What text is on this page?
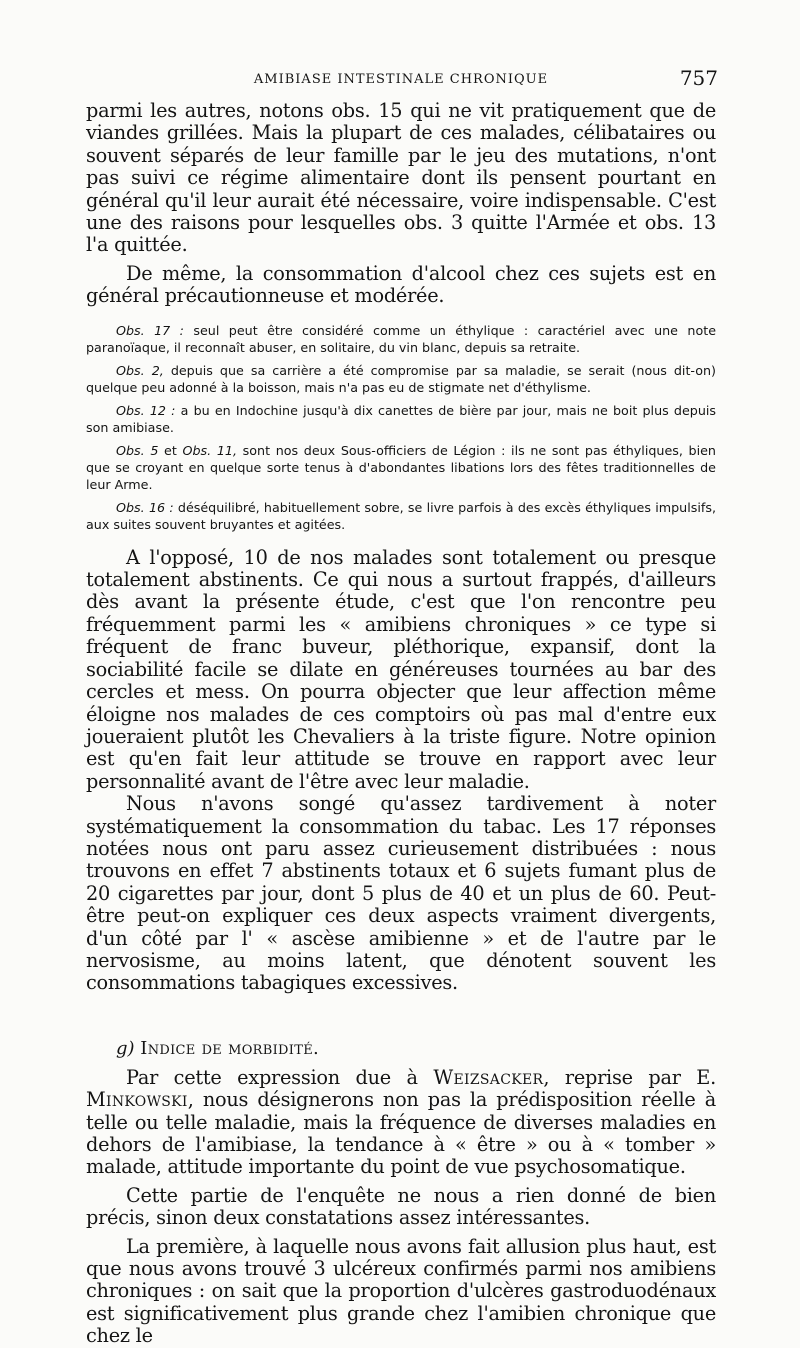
AMIBIASE INTESTINALE CHRONIQUE	757

parmi les autres, notons obs. 15 qui ne vit pratiquement que de viandes grillées. Mais la plupart de ces malades, célibataires ou souvent séparés de leur famille par le jeu des mutations, n'ont pas suivi ce régime alimentaire dont ils pensent pourtant en général qu'il leur aurait été nécessaire, voire indispensable. C'est une des raisons pour lesquelles obs. 3 quitte l'Armée et obs. 13 l'a quittée.

De même, la consommation d'alcool chez ces sujets est en général précautionneuse et modérée.

Obs. 17 : seul peut être considéré comme un éthylique : caractériel avec une note paranoïaque, il reconnaît abuser, en solitaire, du vin blanc, depuis sa retraite.

Obs. 2, depuis que sa carrière a été compromise par sa maladie, se serait (nous dit-on) quelque peu adonné à la boisson, mais n'a pas eu de stigmate net d'éthylisme.

Obs. 12 : a bu en Indochine jusqu'à dix canettes de bière par jour, mais ne boit plus depuis son amibiase.

Obs. 5 et Obs. 11, sont nos deux Sous-officiers de Légion : ils ne sont pas éthyliques, bien que se croyant en quelque sorte tenus à d'abondantes libations lors des fêtes traditionnelles de leur Arme.

Obs. 16 : déséquilibré, habituellement sobre, se livre parfois à des excès éthyliques impulsifs, aux suites souvent bruyantes et agitées.

A l'opposé, 10 de nos malades sont totalement ou presque totalement abstinents. Ce qui nous a surtout frappés, d'ailleurs dès avant la présente étude, c'est que l'on rencontre peu fréquemment parmi les « amibiens chroniques » ce type si fréquent de franc buveur, pléthorique, expansif, dont la sociabilité facile se dilate en généreuses tournées au bar des cercles et mess. On pourra objecter que leur affection même éloigne nos malades de ces comptoirs où pas mal d'entre eux joueraient plutôt les Chevaliers à la triste figure. Notre opinion est qu'en fait leur attitude se trouve en rapport avec leur personnalité avant de l'être avec leur maladie.

Nous n'avons songé qu'assez tardivement à noter systématiquement la consommation du tabac. Les 17 réponses notées nous ont paru assez curieusement distribuées : nous trouvons en effet 7 abstinents totaux et 6 sujets fumant plus de 20 cigarettes par jour, dont 5 plus de 40 et un plus de 60. Peut-être peut-on expliquer ces deux aspects vraiment divergents, d'un côté par l' « ascèse amibienne » et de l'autre par le nervosisme, au moins latent, que dénotent souvent les consommations tabagiques excessives.

g) Indice de morbidité.

Par cette expression due à Weizsacker, reprise par E. Minkowski, nous désignerons non pas la prédisposition réelle à telle ou telle maladie, mais la fréquence de diverses maladies en dehors de l'amibiase, la tendance à « être » ou à « tomber » malade, attitude importante du point de vue psychosomatique.

Cette partie de l'enquête ne nous a rien donné de bien précis, sinon deux constatations assez intéressantes.

La première, à laquelle nous avons fait allusion plus haut, est que nous avons trouvé 3 ulcéreux confirmés parmi nos amibiens chroniques : on sait que la proportion d'ulcères gastroduodénaux est significativement plus grande chez l'amibien chronique que chez le
